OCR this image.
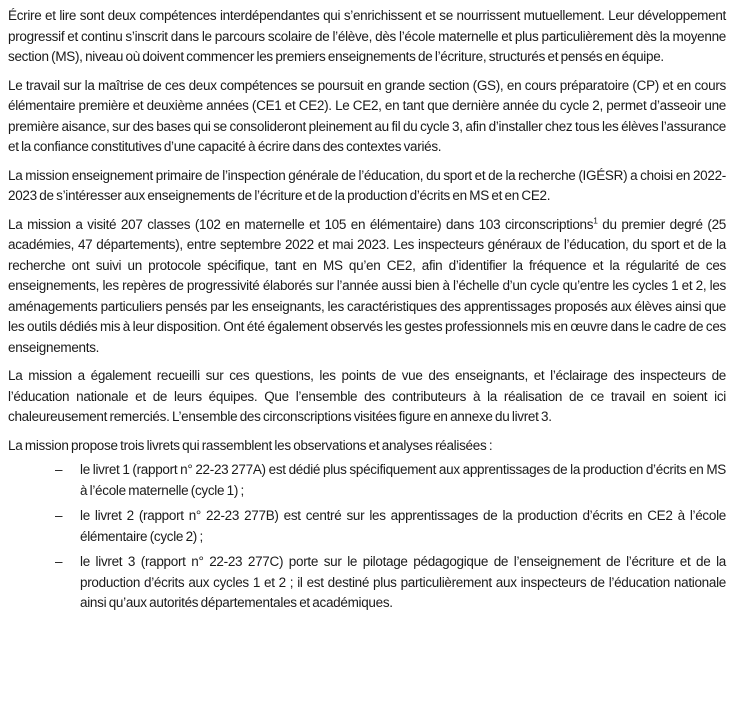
Écrire et lire sont deux compétences interdépendantes qui s’enrichissent et se nourrissent mutuellement. Leur développement progressif et continu s’inscrit dans le parcours scolaire de l’élève, dès l’école maternelle et plus particulièrement dès la moyenne section (MS), niveau où doivent commencer les premiers enseignements de l’écriture, structurés et pensés en équipe.

Le travail sur la maîtrise de ces deux compétences se poursuit en grande section (GS), en cours préparatoire (CP) et en cours élémentaire première et deuxième années (CE1 et CE2). Le CE2, en tant que dernière année du cycle 2, permet d’asseoir une première aisance, sur des bases qui se consolideront pleinement au fil du cycle 3, afin d’installer chez tous les élèves l’assurance et la confiance constitutives d’une capacité à écrire dans des contextes variés.

La mission enseignement primaire de l’inspection générale de l’éducation, du sport et de la recherche (IGÉSR) a choisi en 2022-2023 de s’intéresser aux enseignements de l’écriture et de la production d’écrits en MS et en CE2.

La mission a visité 207 classes (102 en maternelle et 105 en élémentaire) dans 103 circonscriptions$^1$ du premier degré (25 académies, 47 départements), entre septembre 2022 et mai 2023. Les inspecteurs généraux de l’éducation, du sport et de la recherche ont suivi un protocole spécifique, tant en MS qu’en CE2, afin d’identifier la fréquence et la régularité de ces enseignements, les repères de progressivité élaborés sur l’année aussi bien à l’échelle d’un cycle qu’entre les cycles 1 et 2, les aménagements particuliers pensés par les enseignants, les caractéristiques des apprentissages proposés aux élèves ainsi que les outils dédiés mis à leur disposition. Ont été également observés les gestes professionnels mis en œuvre dans le cadre de ces enseignements.

La mission a également recueilli sur ces questions, les points de vue des enseignants, et l’éclairage des inspecteurs de l’éducation nationale et de leurs équipes. Que l’ensemble des contributeurs à la réalisation de ce travail en soient ici chaleureusement remerciés. L’ensemble des circonscriptions visitées figure en annexe du livret 3.

La mission propose trois livrets qui rassemblent les observations et analyses réalisées :

– le livret 1 (rapport n° 22-23 277A) est dédié plus spécifiquement aux apprentissages de la production d’écrits en MS à l’école maternelle (cycle 1) ;
– le livret 2 (rapport n° 22-23 277B) est centré sur les apprentissages de la production d’écrits en CE2 à l’école élémentaire (cycle 2) ;
– le livret 3 (rapport n° 22-23 277C) porte sur le pilotage pédagogique de l’enseignement de l’écriture et de la production d’écrits aux cycles 1 et 2 ; il est destiné plus particulièrement aux inspecteurs de l’éducation nationale ainsi qu’aux autorités départementales et académiques.
